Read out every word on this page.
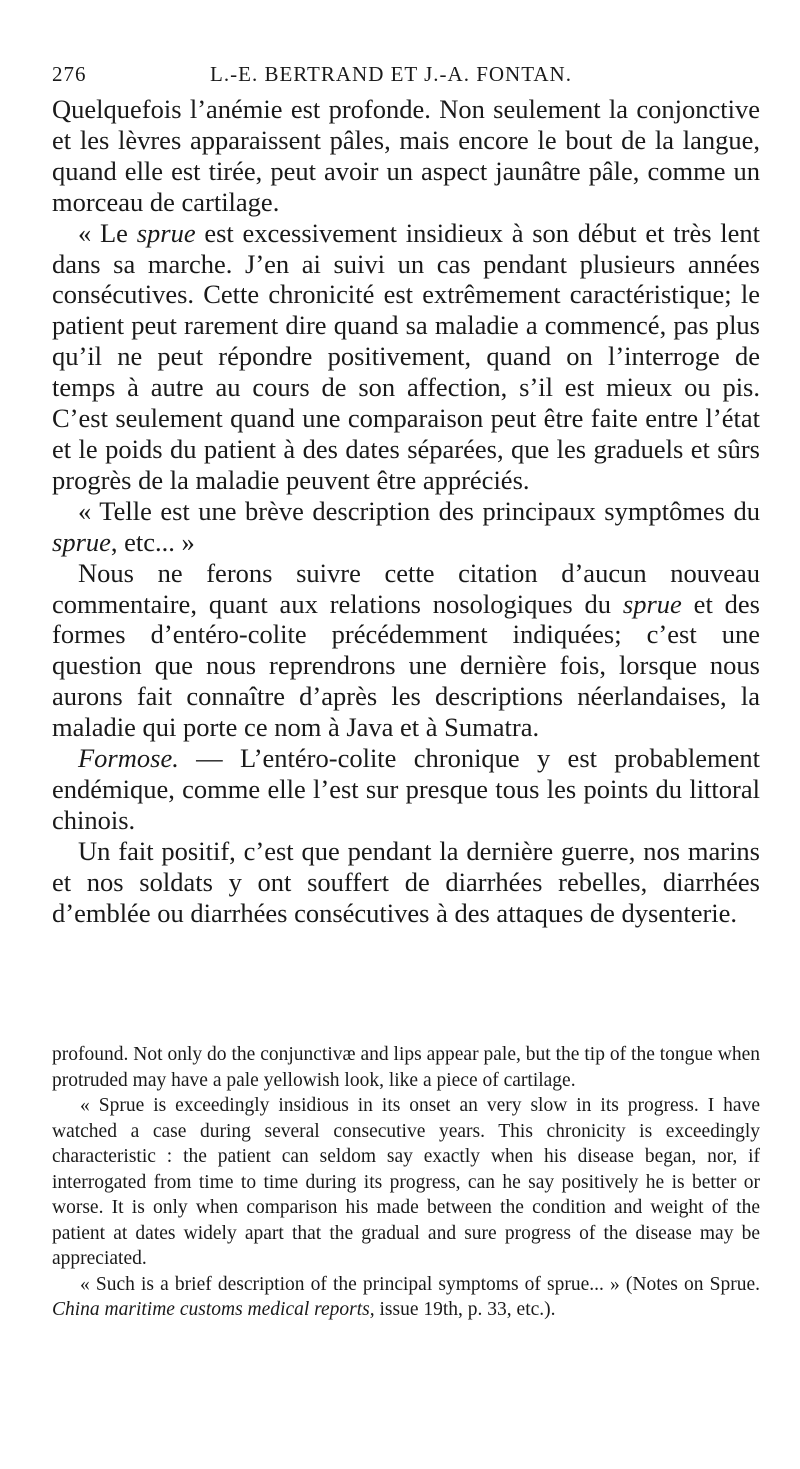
276	L.-E. BERTRAND ET J.-A. FONTAN.

Quelquefois l’anémie est profonde. Non seulement la conjonctive et les lèvres apparaissent pâles, mais encore le bout de la langue, quand elle est tirée, peut avoir un aspect jaunâtre pâle, comme un morceau de cartilage.

« Le sprue est excessivement insidieux à son début et très lent dans sa marche. J’en ai suivi un cas pendant plusieurs années consécutives. Cette chronicité est extrêmement caractéristique; le patient peut rarement dire quand sa maladie a commencé, pas plus qu’il ne peut répondre positivement, quand on l’interroge de temps à autre au cours de son affection, s’il est mieux ou pis. C’est seulement quand une comparaison peut être faite entre l’état et le poids du patient à des dates séparées, que les graduels et sûrs progrès de la maladie peuvent être appréciés.

« Telle est une brève description des principaux symptômes du sprue, etc... »

Nous ne ferons suivre cette citation d’aucun nouveau commentaire, quant aux relations nosologiques du sprue et des formes d’entéro-colite précédemment indiquées; c’est une question que nous reprendrons une dernière fois, lorsque nous aurons fait connaître d’après les descriptions néerlandaises, la maladie qui porte ce nom à Java et à Sumatra.

Formose. — L’entéro-colite chronique y est probablement endémique, comme elle l’est sur presque tous les points du littoral chinois.

Un fait positif, c’est que pendant la dernière guerre, nos marins et nos soldats y ont souffert de diarrhées rebelles, diarrhées d’emblée ou diarrhées consécutives à des attaques de dysenterie.

profound. Not only do the conjunctivæ and lips appear pale, but the tip of the tongue when protruded may have a pale yellowish look, like a piece of cartilage.

« Sprue is exceedingly insidious in its onset an very slow in its progress. I have watched a case during several consecutive years. This chronicity is exceedingly characteristic : the patient can seldom say exactly when his disease began, nor, if interrogated from time to time during its progress, can he say positively he is better or worse. It is only when comparison his made between the condition and weight of the patient at dates widely apart that the gradual and sure progress of the disease may be appreciated.

« Such is a brief description of the principal symptoms of sprue... » (Notes on Sprue. China maritime customs medical reports, issue 19th, p. 33, etc.).
